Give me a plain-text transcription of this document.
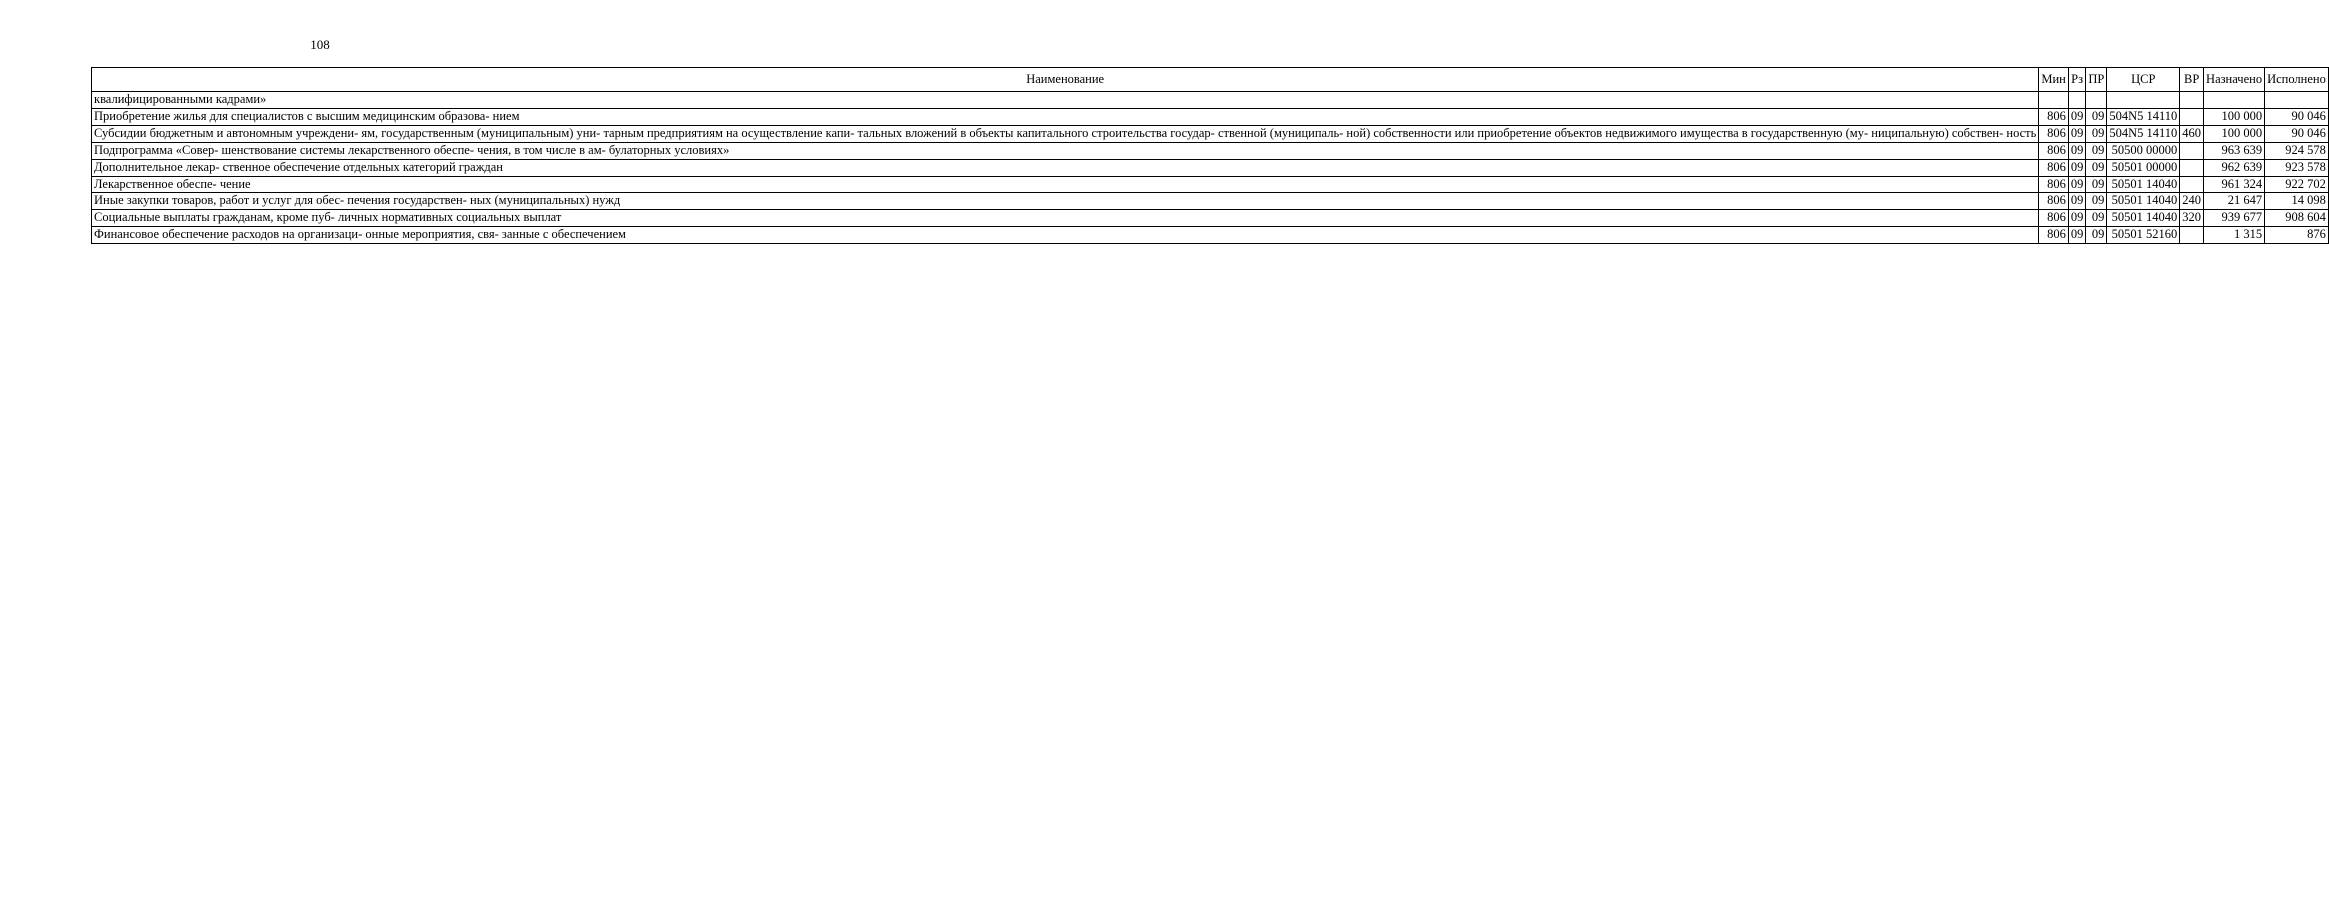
108
Наименование	Мин	Рз	ПР	ЦСР	ВР	Назначено	Исполнено
квалифицированными кадрами»							
Приобретение жилья для специалистов с высшим медицинским образова- нием	806	09	09	504N5 14110		100 000	90 046
Субсидии бюджетным и автономным учреждени- ям, государственным (муниципальным) уни- тарным предприятиям на осуществление капи- тальных вложений в объекты капитального строительства государ- ственной (муниципаль- ной) собственности или приобретение объектов недвижимого имущества в государственную (му- ниципальную) собствен- ность	806	09	09	504N5 14110	460	100 000	90 046
Подпрограмма «Совер- шенствование системы лекарственного обеспе- чения, в том числе в ам- булаторных условиях»	806	09	09	50500 00000		963 639	924 578
Дополнительное лекар- ственное обеспечение отдельных категорий граждан	806	09	09	50501 00000		962 639	923 578
Лекарственное обеспе- чение	806	09	09	50501 14040		961 324	922 702
Иные закупки товаров, работ и услуг для обес- печения государствен- ных (муниципальных) нужд	806	09	09	50501 14040	240	21 647	14 098
Социальные выплаты гражданам, кроме пуб- личных нормативных социальных выплат	806	09	09	50501 14040	320	939 677	908 604
Финансовое обеспечение расходов на организаци- онные мероприятия, свя- занные с обеспечением	806	09	09	50501 52160		1 315	876
